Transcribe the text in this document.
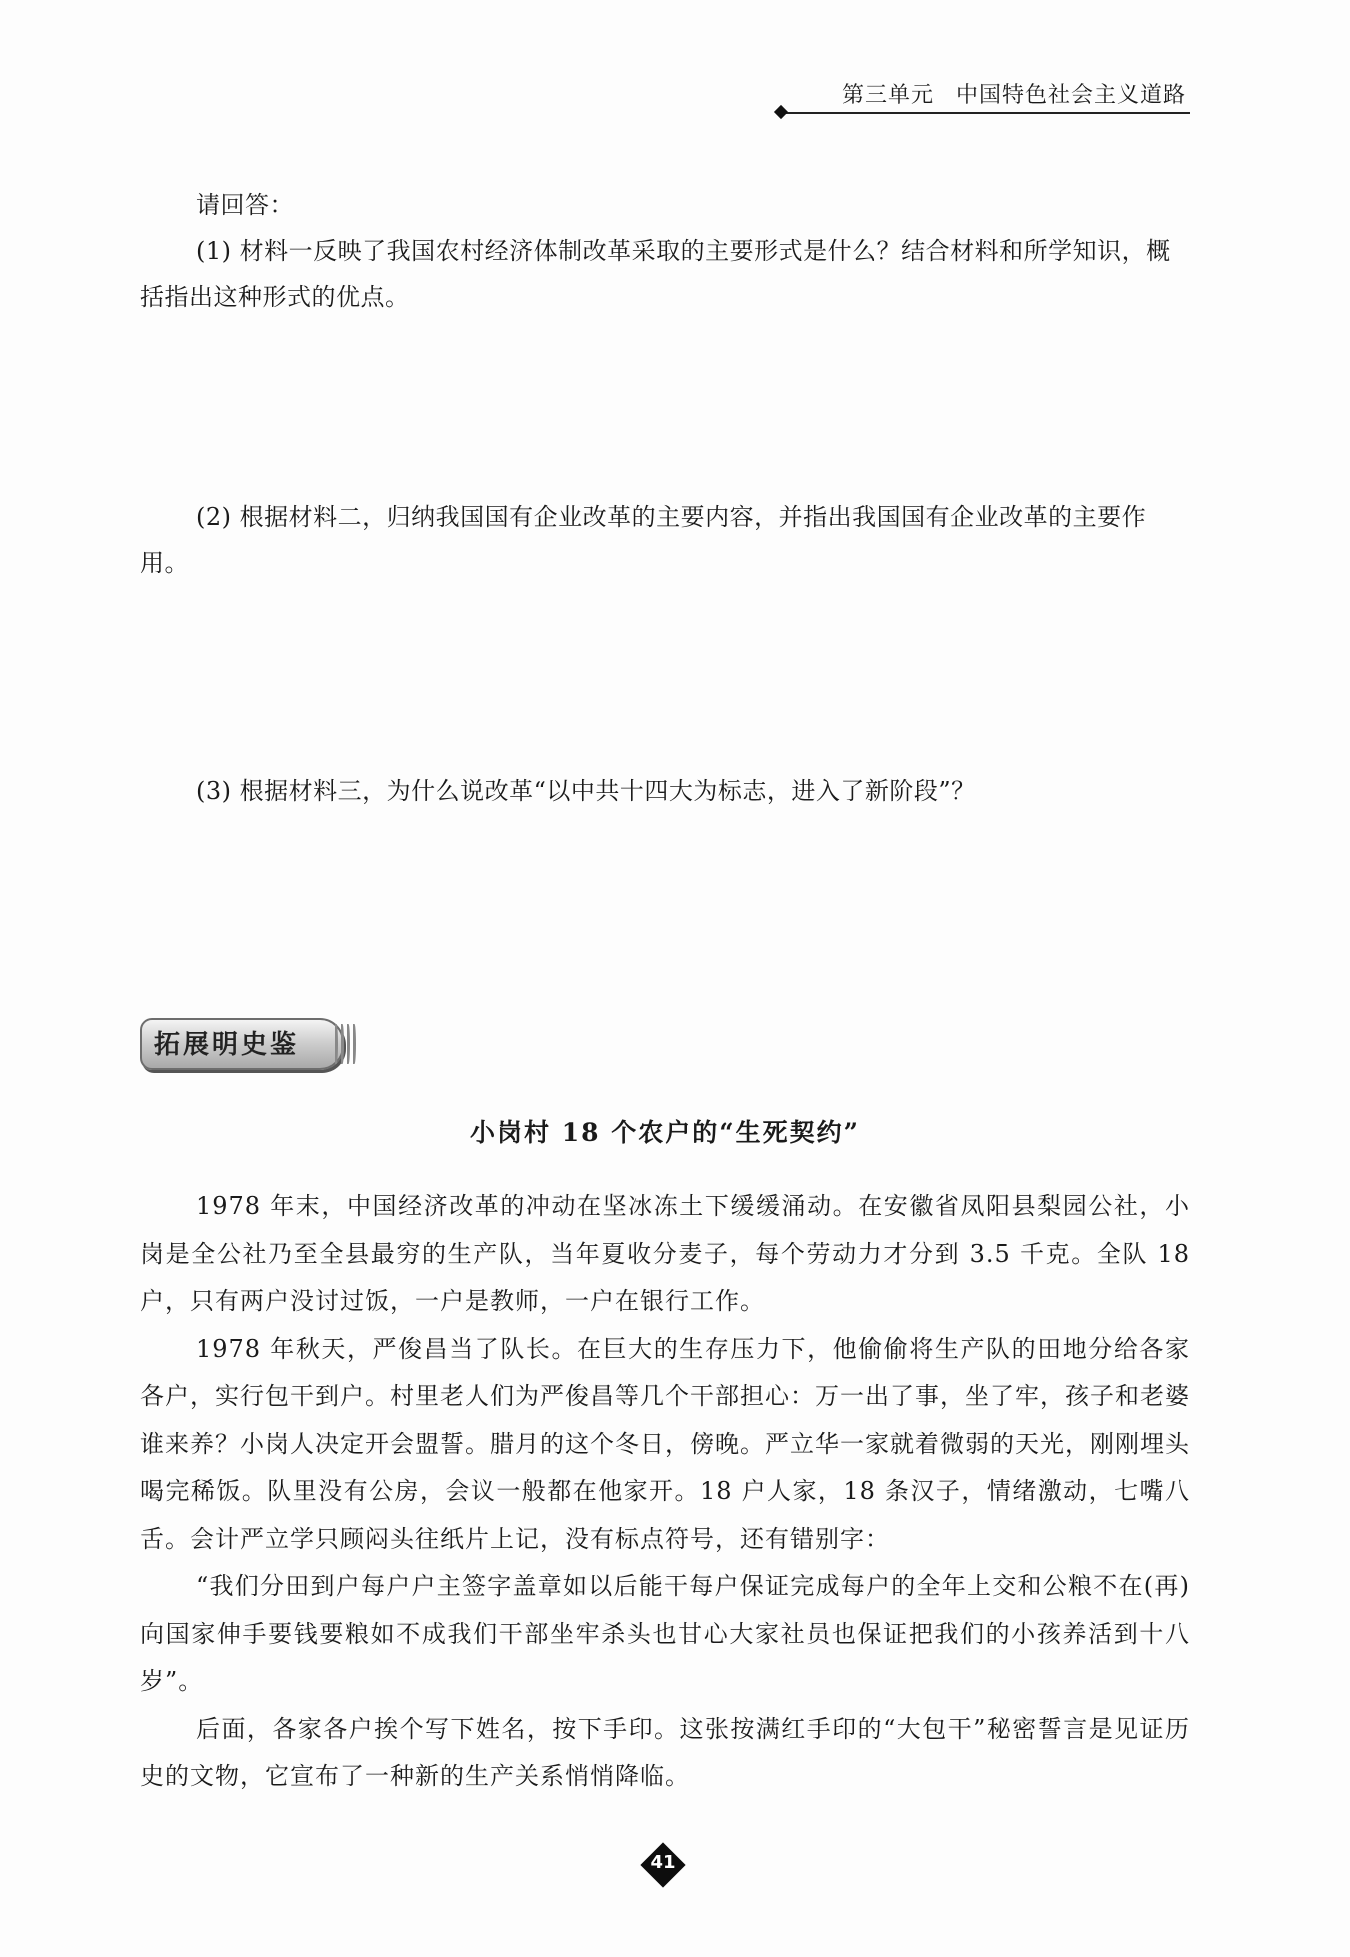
第三单元 中国特色社会主义道路

请回答：

(1) 材料一反映了我国农村经济体制改革采取的主要形式是什么？结合材料和所学知识，概括指出这种形式的优点。

(2) 根据材料二，归纳我国国有企业改革的主要内容，并指出我国国有企业改革的主要作用。

(3) 根据材料三，为什么说改革“以中共十四大为标志，进入了新阶段”？

拓展明史鉴
小岗村 18 个农户的“生死契约”

1978 年末，中国经济改革的冲动在坚冰冻土下缓缓涌动。在安徽省凤阳县梨园公社，小岗是全公社乃至全县最穷的生产队，当年夏收分麦子，每个劳动力才分到 3.5 千克。全队 18 户，只有两户没讨过饭，一户是教师，一户在银行工作。

1978 年秋天，严俊昌当了队长。在巨大的生存压力下，他偷偷将生产队的田地分给各家各户，实行包干到户。村里老人们为严俊昌等几个干部担心：万一出了事，坐了牢，孩子和老婆谁来养？小岗人决定开会盟誓。腊月的这个冬日，傍晚。严立华一家就着微弱的天光，刚刚埋头喝完稀饭。队里没有公房，会议一般都在他家开。18 户人家，18 条汉子，情绪激动，七嘴八舌。会计严立学只顾闷头往纸片上记，没有标点符号，还有错别字：

“我们分田到户每户户主签字盖章如以后能干每户保证完成每户的全年上交和公粮不在(再)向国家伸手要钱要粮如不成我们干部坐牢杀头也甘心大家社员也保证把我们的小孩养活到十八岁”。

后面，各家各户挨个写下姓名，按下手印。这张按满红手印的“大包干”秘密誓言是见证历史的文物，它宣布了一种新的生产关系悄悄降临。

41
